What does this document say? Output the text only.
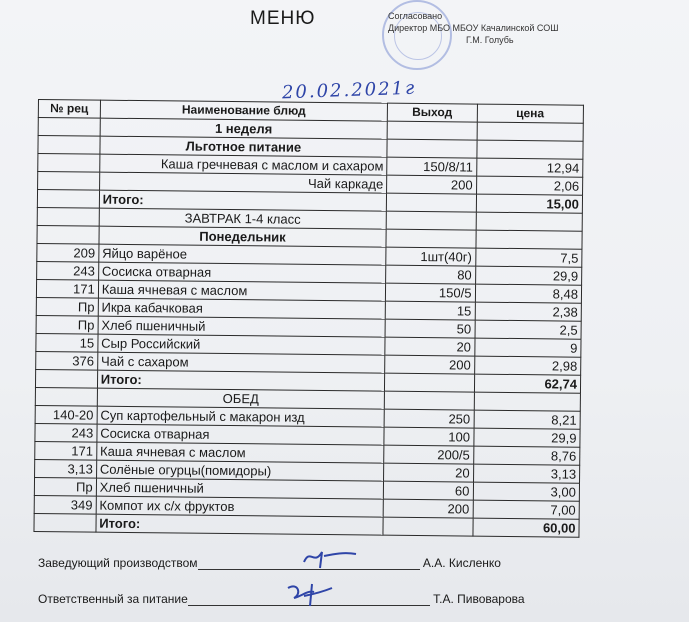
МЕНЮ	Согласовано
Директор МБО МБОУ Качалинской СОШ
Г.М. Голубь
20.02.2021г
№ рец	Наименование блюд	Выход	цена
	1 неделя		
	Льготное питание		
	Каша гречневая с маслом и сахаром	150/8/11	12,94
	Чай каркаде	200	2,06
	Итого:		15,00
	ЗАВТРАК 1-4 класс		
	Понедельник		
209	Яйцо варёное	1шт(40г)	7,5
243	Сосиска отварная	80	29,9
171	Каша ячневая с маслом	150/5	8,48
Пр	Икра кабачковая	15	2,38
Пр	Хлеб пшеничный	50	2,5
15	Сыр Российский	20	9
376	Чай с сахаром	200	2,98
	Итого:		62,74
	ОБЕД		
140-20	Суп картофельный с макарон изд	250	8,21
243	Сосиска отварная	100	29,9
171	Каша ячневая с маслом	200/5	8,76
3,13	Солёные огурцы(помидоры)	20	3,13
Пр	Хлеб пшеничный	60	3,00
349	Компот их с/х фруктов	200	7,00
	Итого:		60,00
Заведующий производством	А.А. Кисленко
Ответственный за питание	Т.А. Пивоварова
